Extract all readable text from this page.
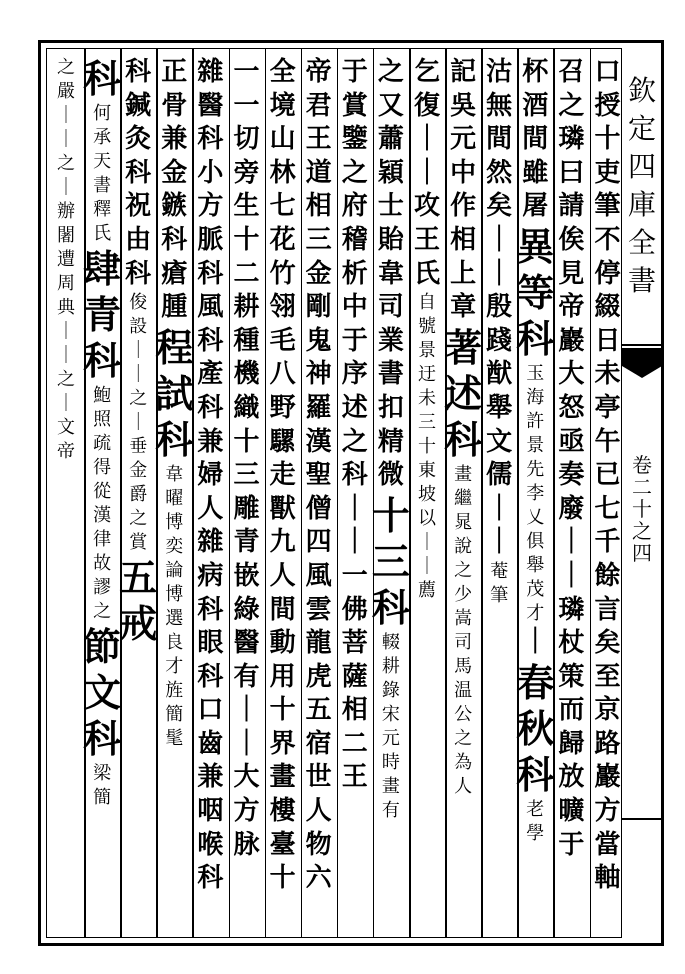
口授十吏筆不停綴日未亭午已七千餘言矣至京路巖方當軸
召之璘曰請俟見帝巖大怒亟奏廢｜｜璘杖策而歸放曠于
杯酒間雖屠
異等科
玉海許景先李乂俱舉茂才
｜
春秋科
老學
沽無間然矣
｜｜殷踐猷舉文儒｜｜
菴筆
記吳元中作相上章
著述科
畫繼晁說之少嵩司馬温公之為人
乞復｜｜攻王氏
自號景迂未三十東坡以｜｜薦
之又蕭穎士貽韋司業書扣精微
十三科
輟耕錄宋元時畫有
于賞鑒之府稽析中于序述之科
｜｜一佛菩薩相二王
帝君王道相三金剛鬼神羅漢聖僧四風雲龍虎五宿世人物六
全境山林七花竹翎毛八野騾走獸九人間動用十界畫樓臺十
一一切旁生十二耕種機織十三雕青嵌綠醫有｜｜大方脉
雜醫科小方脈科風科產科兼婦人雜病科眼科口齒兼咽喉科
正骨兼金鏃科瘡腫
程試科
韋曜博奕論博選良才旌簡髦
科鍼灸科祝由科
俊設｜｜之｜垂金爵之賞
五戒
科
何承天書釋氏
肆青科
鮑照疏得從漢律故謬之
節文科
梁簡
之嚴｜｜之｜
辦闍遭周典｜｜之｜
文帝
欽定四庫全書
卷二十之四
